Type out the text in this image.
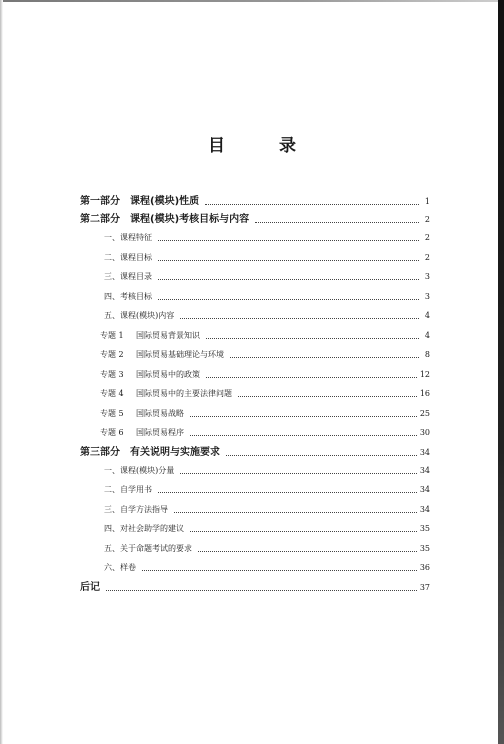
目 录
第一部分　课程(模块)性质	1
第二部分　课程(模块)考核目标与内容	2
一、课程特征	2
二、课程目标	2
三、课程目录	3
四、考核目标	3
五、课程(模块)内容	4
专题 1 国际贸易背景知识	4
专题 2 国际贸易基础理论与环境	8
专题 3 国际贸易中的政策	12
专题 4 国际贸易中的主要法律问题	16
专题 5 国际贸易战略	25
专题 6 国际贸易程序	30
第三部分　有关说明与实施要求	34
一、课程(模块)分量	34
二、自学用书	34
三、自学方法指导	34
四、对社会助学的建议	35
五、关于命题考试的要求	35
六、样卷	36
后记	37
